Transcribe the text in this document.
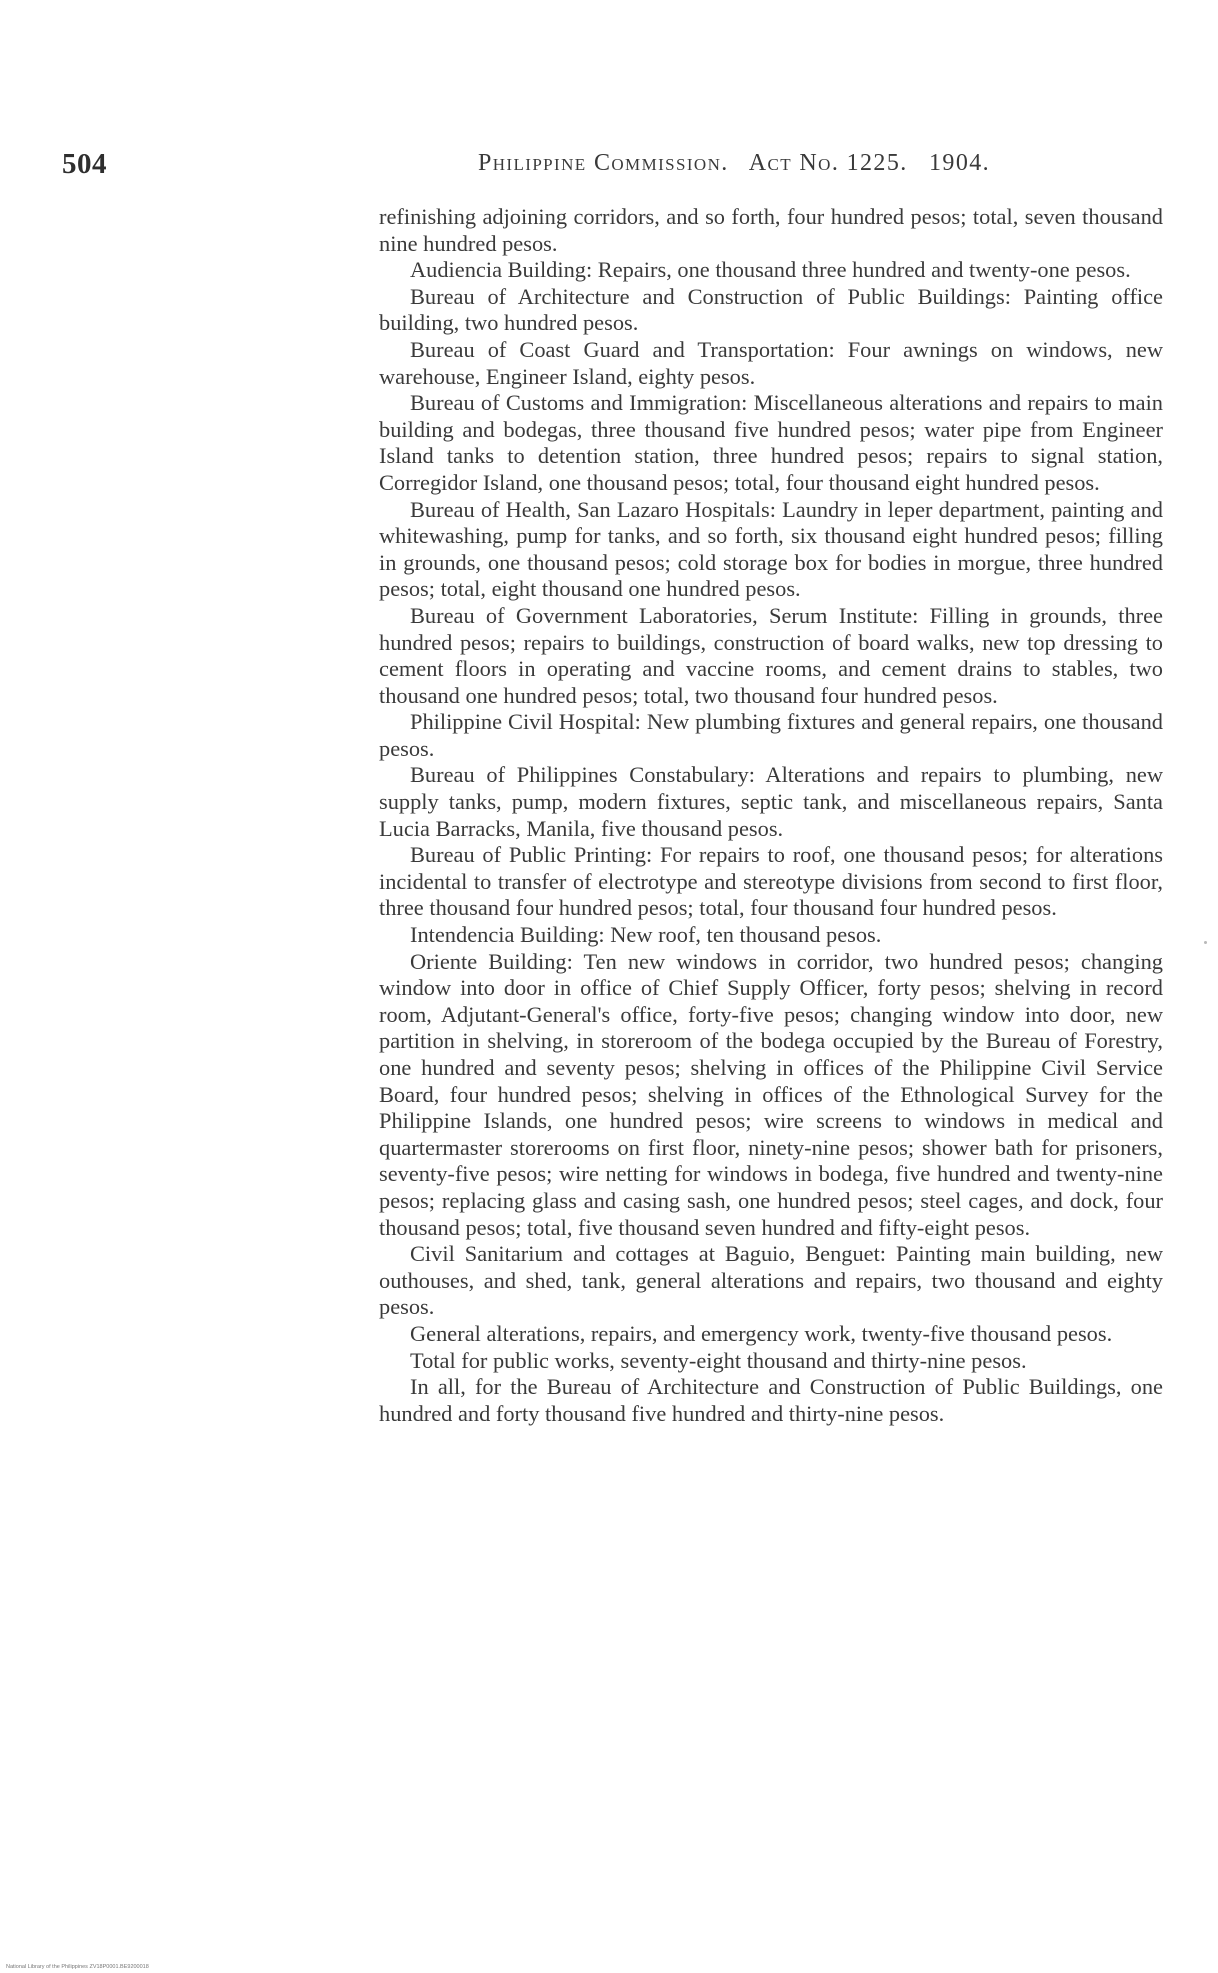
504	Philippine Commission. Act No. 1225. 1904.

refinishing adjoining corridors, and so forth, four hundred pesos; total, seven thousand nine hundred pesos.

Audiencia Building: Repairs, one thousand three hundred and twenty-one pesos.

Bureau of Architecture and Construction of Public Buildings: Painting office building, two hundred pesos.

Bureau of Coast Guard and Transportation: Four awnings on windows, new warehouse, Engineer Island, eighty pesos.

Bureau of Customs and Immigration: Miscellaneous alterations and repairs to main building and bodegas, three thousand five hundred pesos; water pipe from Engineer Island tanks to detention station, three hundred pesos; repairs to signal station, Corregidor Island, one thousand pesos; total, four thousand eight hundred pesos.

Bureau of Health, San Lazaro Hospitals: Laundry in leper department, painting and whitewashing, pump for tanks, and so forth, six thousand eight hundred pesos; filling in grounds, one thousand pesos; cold storage box for bodies in morgue, three hundred pesos; total, eight thousand one hundred pesos.

Bureau of Government Laboratories, Serum Institute: Filling in grounds, three hundred pesos; repairs to buildings, construction of board walks, new top dressing to cement floors in operating and vaccine rooms, and cement drains to stables, two thousand one hundred pesos; total, two thousand four hundred pesos.

Philippine Civil Hospital: New plumbing fixtures and general repairs, one thousand pesos.

Bureau of Philippines Constabulary: Alterations and repairs to plumbing, new supply tanks, pump, modern fixtures, septic tank, and miscellaneous repairs, Santa Lucia Barracks, Manila, five thousand pesos.

Bureau of Public Printing: For repairs to roof, one thousand pesos; for alterations incidental to transfer of electrotype and stereotype divisions from second to first floor, three thousand four hundred pesos; total, four thousand four hundred pesos.

Intendencia Building: New roof, ten thousand pesos.

Oriente Building: Ten new windows in corridor, two hundred pesos; changing window into door in office of Chief Supply Officer, forty pesos; shelving in record room, Adjutant-General's office, forty-five pesos; changing window into door, new partition in shelving, in storeroom of the bodega occupied by the Bureau of Forestry, one hundred and seventy pesos; shelving in offices of the Philippine Civil Service Board, four hundred pesos; shelving in offices of the Ethnological Survey for the Philippine Islands, one hundred pesos; wire screens to windows in medical and quartermaster storerooms on first floor, ninety-nine pesos; shower bath for prisoners, seventy-five pesos; wire netting for windows in bodega, five hundred and twenty-nine pesos; replacing glass and casing sash, one hundred pesos; steel cages, and dock, four thousand pesos; total, five thousand seven hundred and fifty-eight pesos.

Civil Sanitarium and cottages at Baguio, Benguet: Painting main building, new outhouses, and shed, tank, general alterations and repairs, two thousand and eighty pesos.

General alterations, repairs, and emergency work, twenty-five thousand pesos.

Total for public works, seventy-eight thousand and thirty-nine pesos.

In all, for the Bureau of Architecture and Construction of Public Buildings, one hundred and forty thousand five hundred and thirty-nine pesos.

National Library of the Philippines ZV18P0001.BE9200018
